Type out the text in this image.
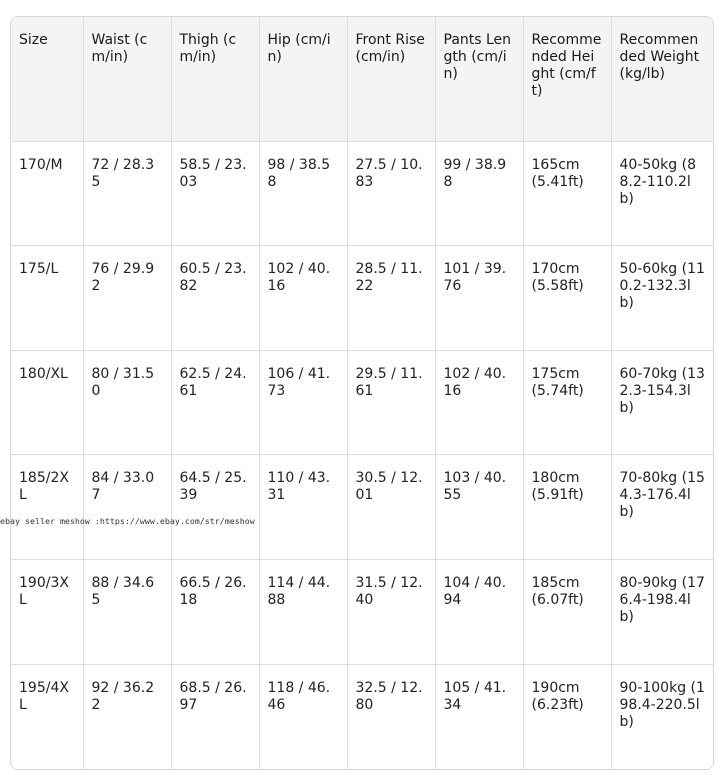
Size	Waist (cm/in)	Thigh (cm/in)	Hip (cm/in)	Front Rise (cm/in)	Pants Length (cm/in)	Recommended Height (cm/ft)	Recommended Weight (kg/lb)
170/M	72 / 28.35	58.5 / 23.03	98 / 38.58	27.5 / 10.83	99 / 38.98	165cm (5.41ft)	40-50kg (88.2-110.2lb)
175/L	76 / 29.92	60.5 / 23.82	102 / 40.16	28.5 / 11.22	101 / 39.76	170cm (5.58ft)	50-60kg (110.2-132.3lb)
180/XL	80 / 31.50	62.5 / 24.61	106 / 41.73	29.5 / 11.61	102 / 40.16	175cm (5.74ft)	60-70kg (132.3-154.3lb)
185/2XL	84 / 33.07	64.5 / 25.39	110 / 43.31	30.5 / 12.01	103 / 40.55	180cm (5.91ft)	70-80kg (154.3-176.4lb)
190/3XL	88 / 34.65	66.5 / 26.18	114 / 44.88	31.5 / 12.40	104 / 40.94	185cm (6.07ft)	80-90kg (176.4-198.4lb)
195/4XL	92 / 36.22	68.5 / 26.97	118 / 46.46	32.5 / 12.80	105 / 41.34	190cm (6.23ft)	90-100kg (198.4-220.5lb)
ebay seller meshow :https://www.ebay.com/str/meshow
